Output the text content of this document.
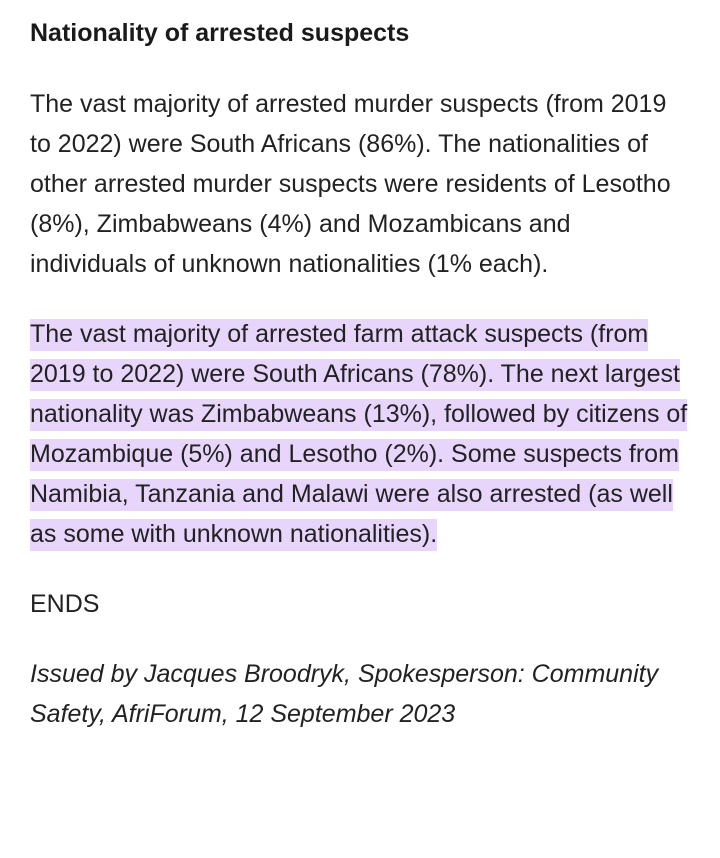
Nationality of arrested suspects

The vast majority of arrested murder suspects (from 2019 to 2022) were South Africans (86%). The nationalities of other arrested murder suspects were residents of Lesotho (8%), Zimbabweans (4%) and Mozambicans and individuals of unknown nationalities (1% each).

The vast majority of arrested farm attack suspects (from 2019 to 2022) were South Africans (78%). The next largest nationality was Zimbabweans (13%), followed by citizens of Mozambique (5%) and Lesotho (2%). Some suspects from Namibia, Tanzania and Malawi were also arrested (as well as some with unknown nationalities).

ENDS

Issued by Jacques Broodryk, Spokesperson: Community Safety, AfriForum, 12 September 2023
